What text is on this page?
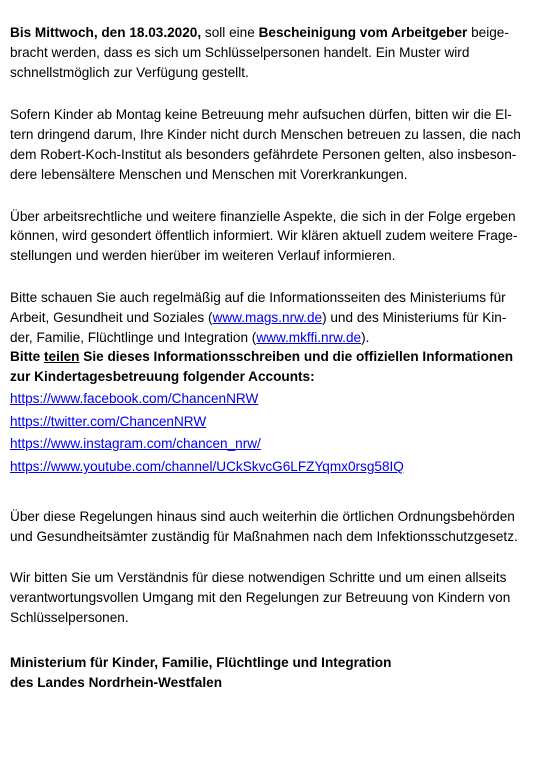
Bis Mittwoch, den 18.03.2020, soll eine Bescheinigung vom Arbeitgeber beige-
bracht werden, dass es sich um Schlüsselpersonen handelt. Ein Muster wird
schnellstmöglich zur Verfügung gestellt.
Sofern Kinder ab Montag keine Betreuung mehr aufsuchen dürfen, bitten wir die El-
tern dringend darum, Ihre Kinder nicht durch Menschen betreuen zu lassen, die nach
dem Robert-Koch-Institut als besonders gefährdete Personen gelten, also insbeson-
dere lebensältere Menschen und Menschen mit Vorerkrankungen.
Über arbeitsrechtliche und weitere finanzielle Aspekte, die sich in der Folge ergeben
können, wird gesondert öffentlich informiert. Wir klären aktuell zudem weitere Frage-
stellungen und werden hierüber im weiteren Verlauf informieren.
Bitte schauen Sie auch regelmäßig auf die Informationsseiten des Ministeriums für
Arbeit, Gesundheit und Soziales (www.mags.nrw.de) und des Ministeriums für Kin-
der, Familie, Flüchtlinge und Integration (www.mkffi.nrw.de).
Bitte teilen Sie dieses Informationsschreiben und die offiziellen Informationen
zur Kindertagesbetreuung folgender Accounts:
https://www.facebook.com/ChancenNRW
https://twitter.com/ChancenNRW
https://www.instagram.com/chancen_nrw/
https://www.youtube.com/channel/UCkSkvcG6LFZYqmx0rsg58IQ
Über diese Regelungen hinaus sind auch weiterhin die örtlichen Ordnungsbehörden
und Gesundheitsämter zuständig für Maßnahmen nach dem Infektionsschutzgesetz.
Wir bitten Sie um Verständnis für diese notwendigen Schritte und um einen allseits
verantwortungsvollen Umgang mit den Regelungen zur Betreuung von Kindern von
Schlüsselpersonen.
Ministerium für Kinder, Familie, Flüchtlinge und Integration
des Landes Nordrhein-Westfalen
